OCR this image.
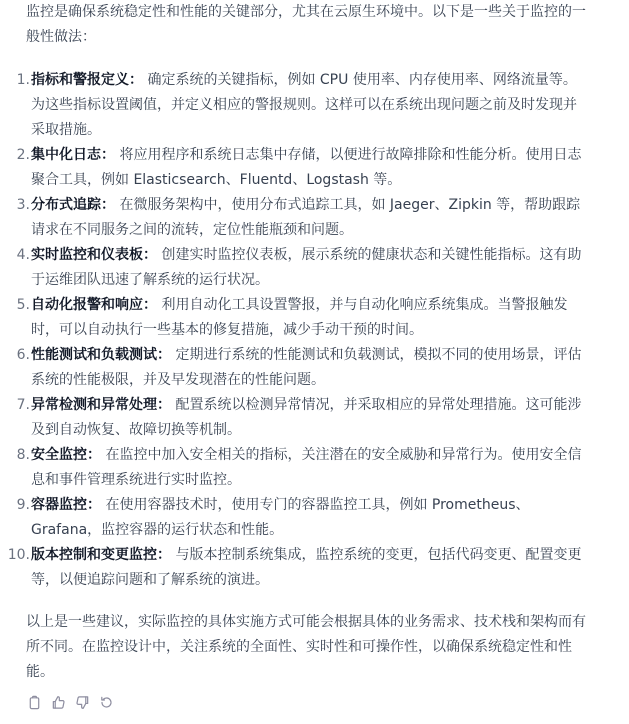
监控是确保系统稳定性和性能的关键部分，尤其在云原生环境中。以下是一些关于监控的一般性做法：

1. 指标和警报定义： 确定系统的关键指标，例如 CPU 使用率、内存使用率、网络流量等。为这些指标设置阈值，并定义相应的警报规则。这样可以在系统出现问题之前及时发现并采取措施。
2. 集中化日志： 将应用程序和系统日志集中存储，以便进行故障排除和性能分析。使用日志聚合工具，例如 Elasticsearch、Fluentd、Logstash 等。
3. 分布式追踪： 在微服务架构中，使用分布式追踪工具，如 Jaeger、Zipkin 等，帮助跟踪请求在不同服务之间的流转，定位性能瓶颈和问题。
4. 实时监控和仪表板： 创建实时监控仪表板，展示系统的健康状态和关键性能指标。这有助于运维团队迅速了解系统的运行状况。
5. 自动化报警和响应： 利用自动化工具设置警报，并与自动化响应系统集成。当警报触发时，可以自动执行一些基本的修复措施，减少手动干预的时间。
6. 性能测试和负载测试： 定期进行系统的性能测试和负载测试，模拟不同的使用场景，评估系统的性能极限，并及早发现潜在的性能问题。
7. 异常检测和异常处理： 配置系统以检测异常情况，并采取相应的异常处理措施。这可能涉及到自动恢复、故障切换等机制。
8. 安全监控： 在监控中加入安全相关的指标，关注潜在的安全威胁和异常行为。使用安全信息和事件管理系统进行实时监控。
9. 容器监控： 在使用容器技术时，使用专门的容器监控工具，例如 Prometheus、Grafana，监控容器的运行状态和性能。
10. 版本控制和变更监控： 与版本控制系统集成，监控系统的变更，包括代码变更、配置变更等，以便追踪问题和了解系统的演进。

以上是一些建议，实际监控的具体实施方式可能会根据具体的业务需求、技术栈和架构而有所不同。在监控设计中，关注系统的全面性、实时性和可操作性，以确保系统稳定性和性能。
